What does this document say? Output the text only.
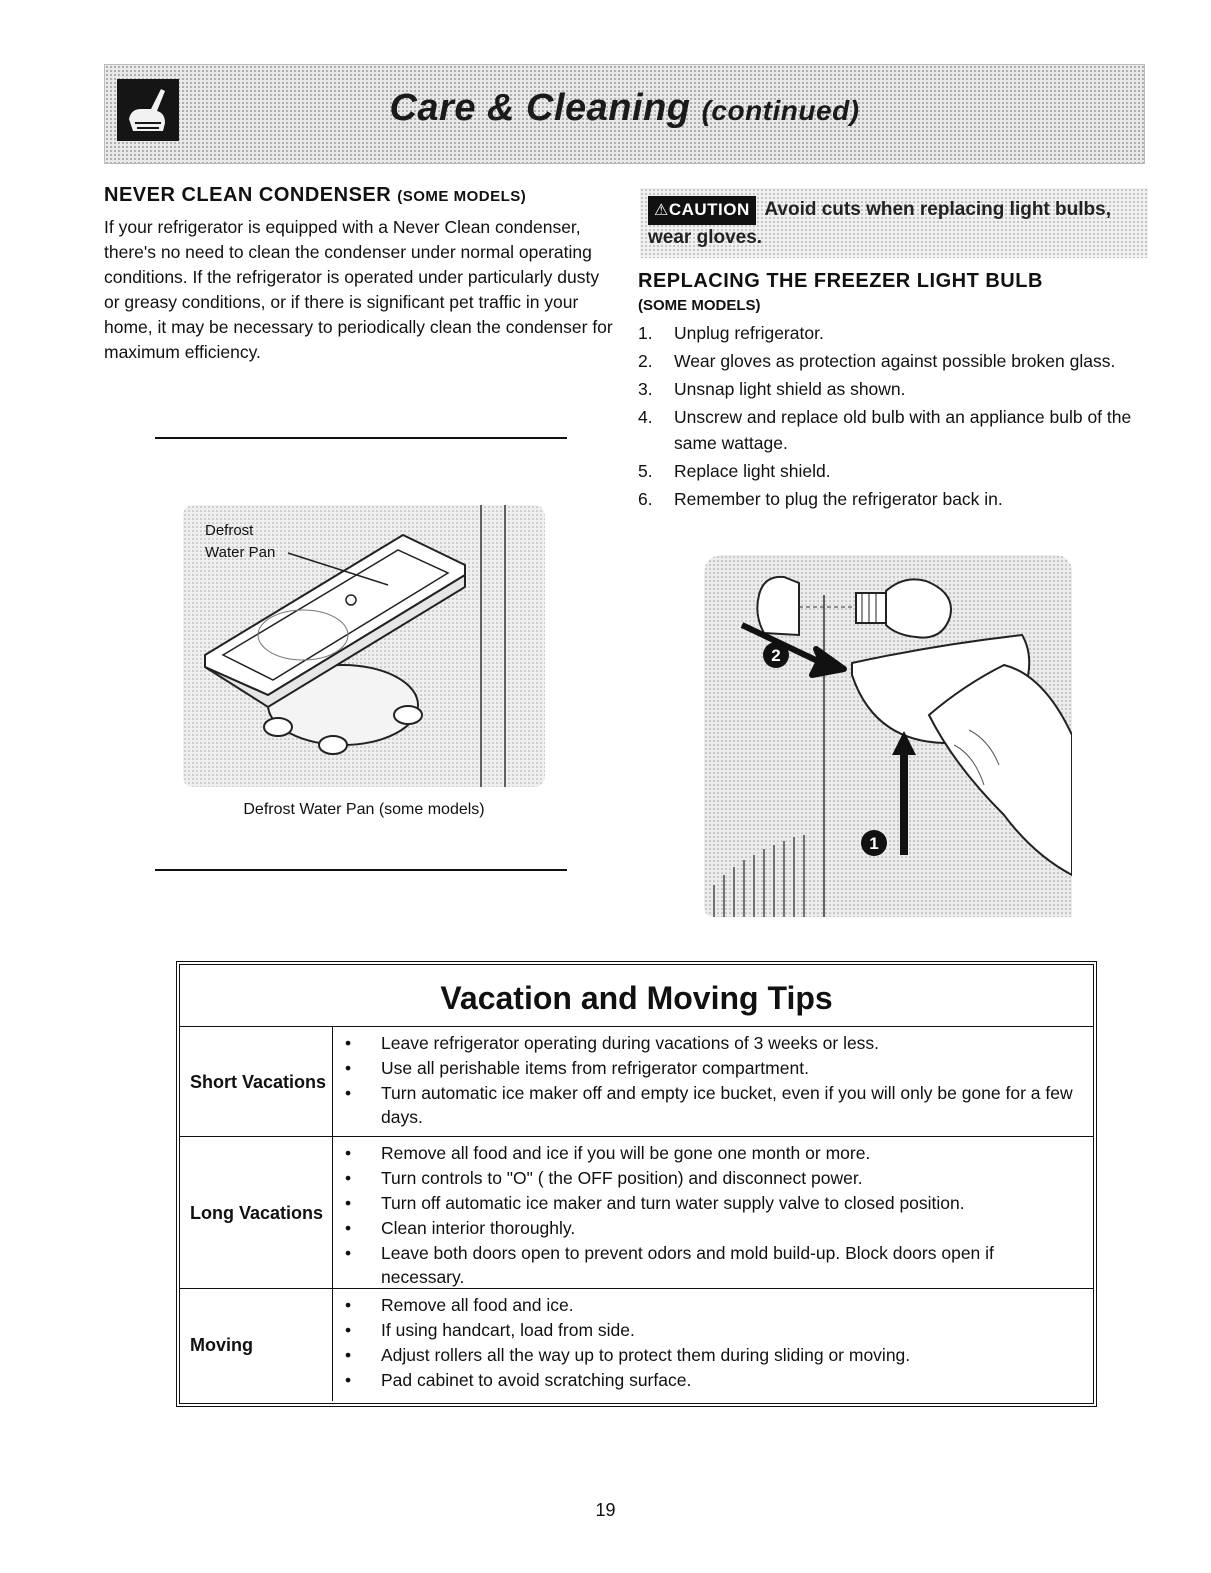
Care & Cleaning (continued)
NEVER CLEAN CONDENSER (SOME MODELS)

If your refrigerator is equipped with a Never Clean condenser, there's no need to clean the condenser under normal operating conditions. If the refrigerator is operated under particularly dusty or greasy conditions, or if there is significant pet traffic in your home, it may be necessary to periodically clean the condenser for maximum efficiency.

Defrost
Water Pan
Defrost Water Pan (some models)
⚠CAUTION Avoid cuts when replacing light bulbs, wear gloves.
REPLACING THE FREEZER LIGHT BULB

(SOME MODELS)

1.	Unplug refrigerator.
2.	Wear gloves as protection against possible broken glass.
3.	Unsnap light shield as shown.
4.	Unscrew and replace old bulb with an appliance bulb of the same wattage.
5.	Replace light shield.
6.	Remember to plug the refrigerator back in.
2
1
Vacation and Moving Tips
Short Vacations
•	Leave refrigerator operating during vacations of 3 weeks or less.
•	Use all perishable items from refrigerator compartment.
•	Turn automatic ice maker off and empty ice bucket, even if you will only be gone for a few days.
Long Vacations
•	Remove all food and ice if you will be gone one month or more.
•	Turn controls to "O" ( the OFF position) and disconnect power.
•	Turn off automatic ice maker and turn water supply valve to closed position.
•	Clean interior thoroughly.
•	Leave both doors open to prevent odors and mold build-up. Block doors open if necessary.
Moving
•	Remove all food and ice.
•	If using handcart, load from side.
•	Adjust rollers all the way up to protect them during sliding or moving.
•	Pad cabinet to avoid scratching surface.
19
